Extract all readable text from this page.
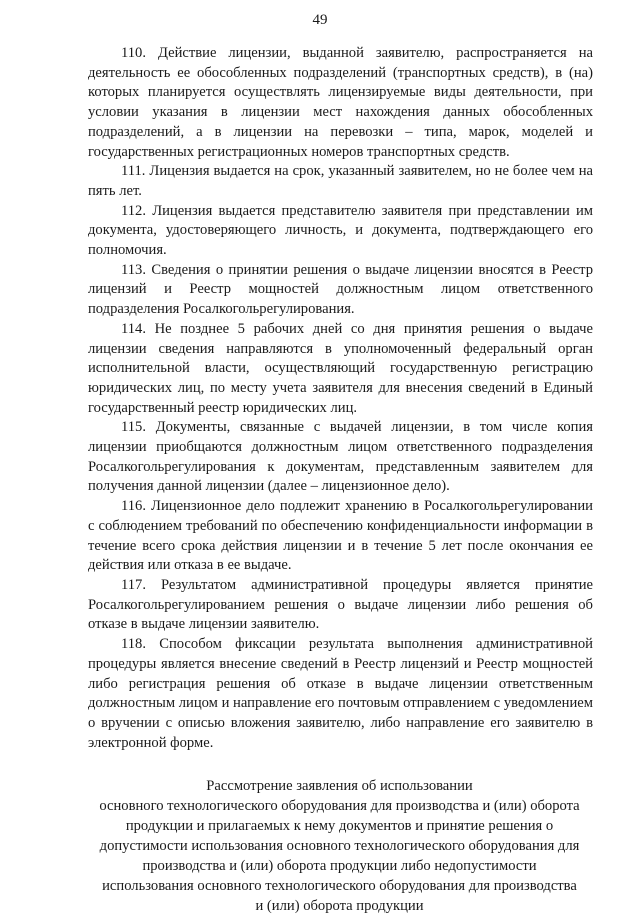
49

110. Действие лицензии, выданной заявителю, распространяется на деятельность ее обособленных подразделений (транспортных средств), в (на) которых планируется осуществлять лицензируемые виды деятельности, при условии указания в лицензии мест нахождения данных обособленных подразделений, а в лицензии на перевозки – типа, марок, моделей и государственных регистрационных номеров транспортных средств.

111. Лицензия выдается на срок, указанный заявителем, но не более чем на пять лет.

112. Лицензия выдается представителю заявителя при представлении им документа, удостоверяющего личность, и документа, подтверждающего его полномочия.

113. Сведения о принятии решения о выдаче лицензии вносятся в Реестр лицензий и Реестр мощностей должностным лицом ответственного подразделения Росалкогольрегулирования.

114. Не позднее 5 рабочих дней со дня принятия решения о выдаче лицензии сведения направляются в уполномоченный федеральный орган исполнительной власти, осуществляющий государственную регистрацию юридических лиц, по месту учета заявителя для внесения сведений в Единый государственный реестр юридических лиц.

115. Документы, связанные с выдачей лицензии, в том числе копия лицензии приобщаются должностным лицом ответственного подразделения Росалкогольрегулирования к документам, представленным заявителем для получения данной лицензии (далее – лицензионное дело).

116. Лицензионное дело подлежит хранению в Росалкогольрегулировании с соблюдением требований по обеспечению конфиденциальности информации в течение всего срока действия лицензии и в течение 5 лет после окончания ее действия или отказа в ее выдаче.

117. Результатом административной процедуры является принятие Росалкогольрегулированием решения о выдаче лицензии либо решения об отказе в выдаче лицензии заявителю.

118. Способом фиксации результата выполнения административной процедуры является внесение сведений в Реестр лицензий и Реестр мощностей либо регистрация решения об отказе в выдаче лицензии ответственным должностным лицом и направление его почтовым отправлением с уведомлением о вручении с описью вложения заявителю, либо направление его заявителю в электронной форме.

Рассмотрение заявления об использовании
основного технологического оборудования для производства и (или) оборота
продукции и прилагаемых к нему документов и принятие решения о
допустимости использования основного технологического оборудования для
производства и (или) оборота продукции либо недопустимости
использования основного технологического оборудования для производства
и (или) оборота продукции
